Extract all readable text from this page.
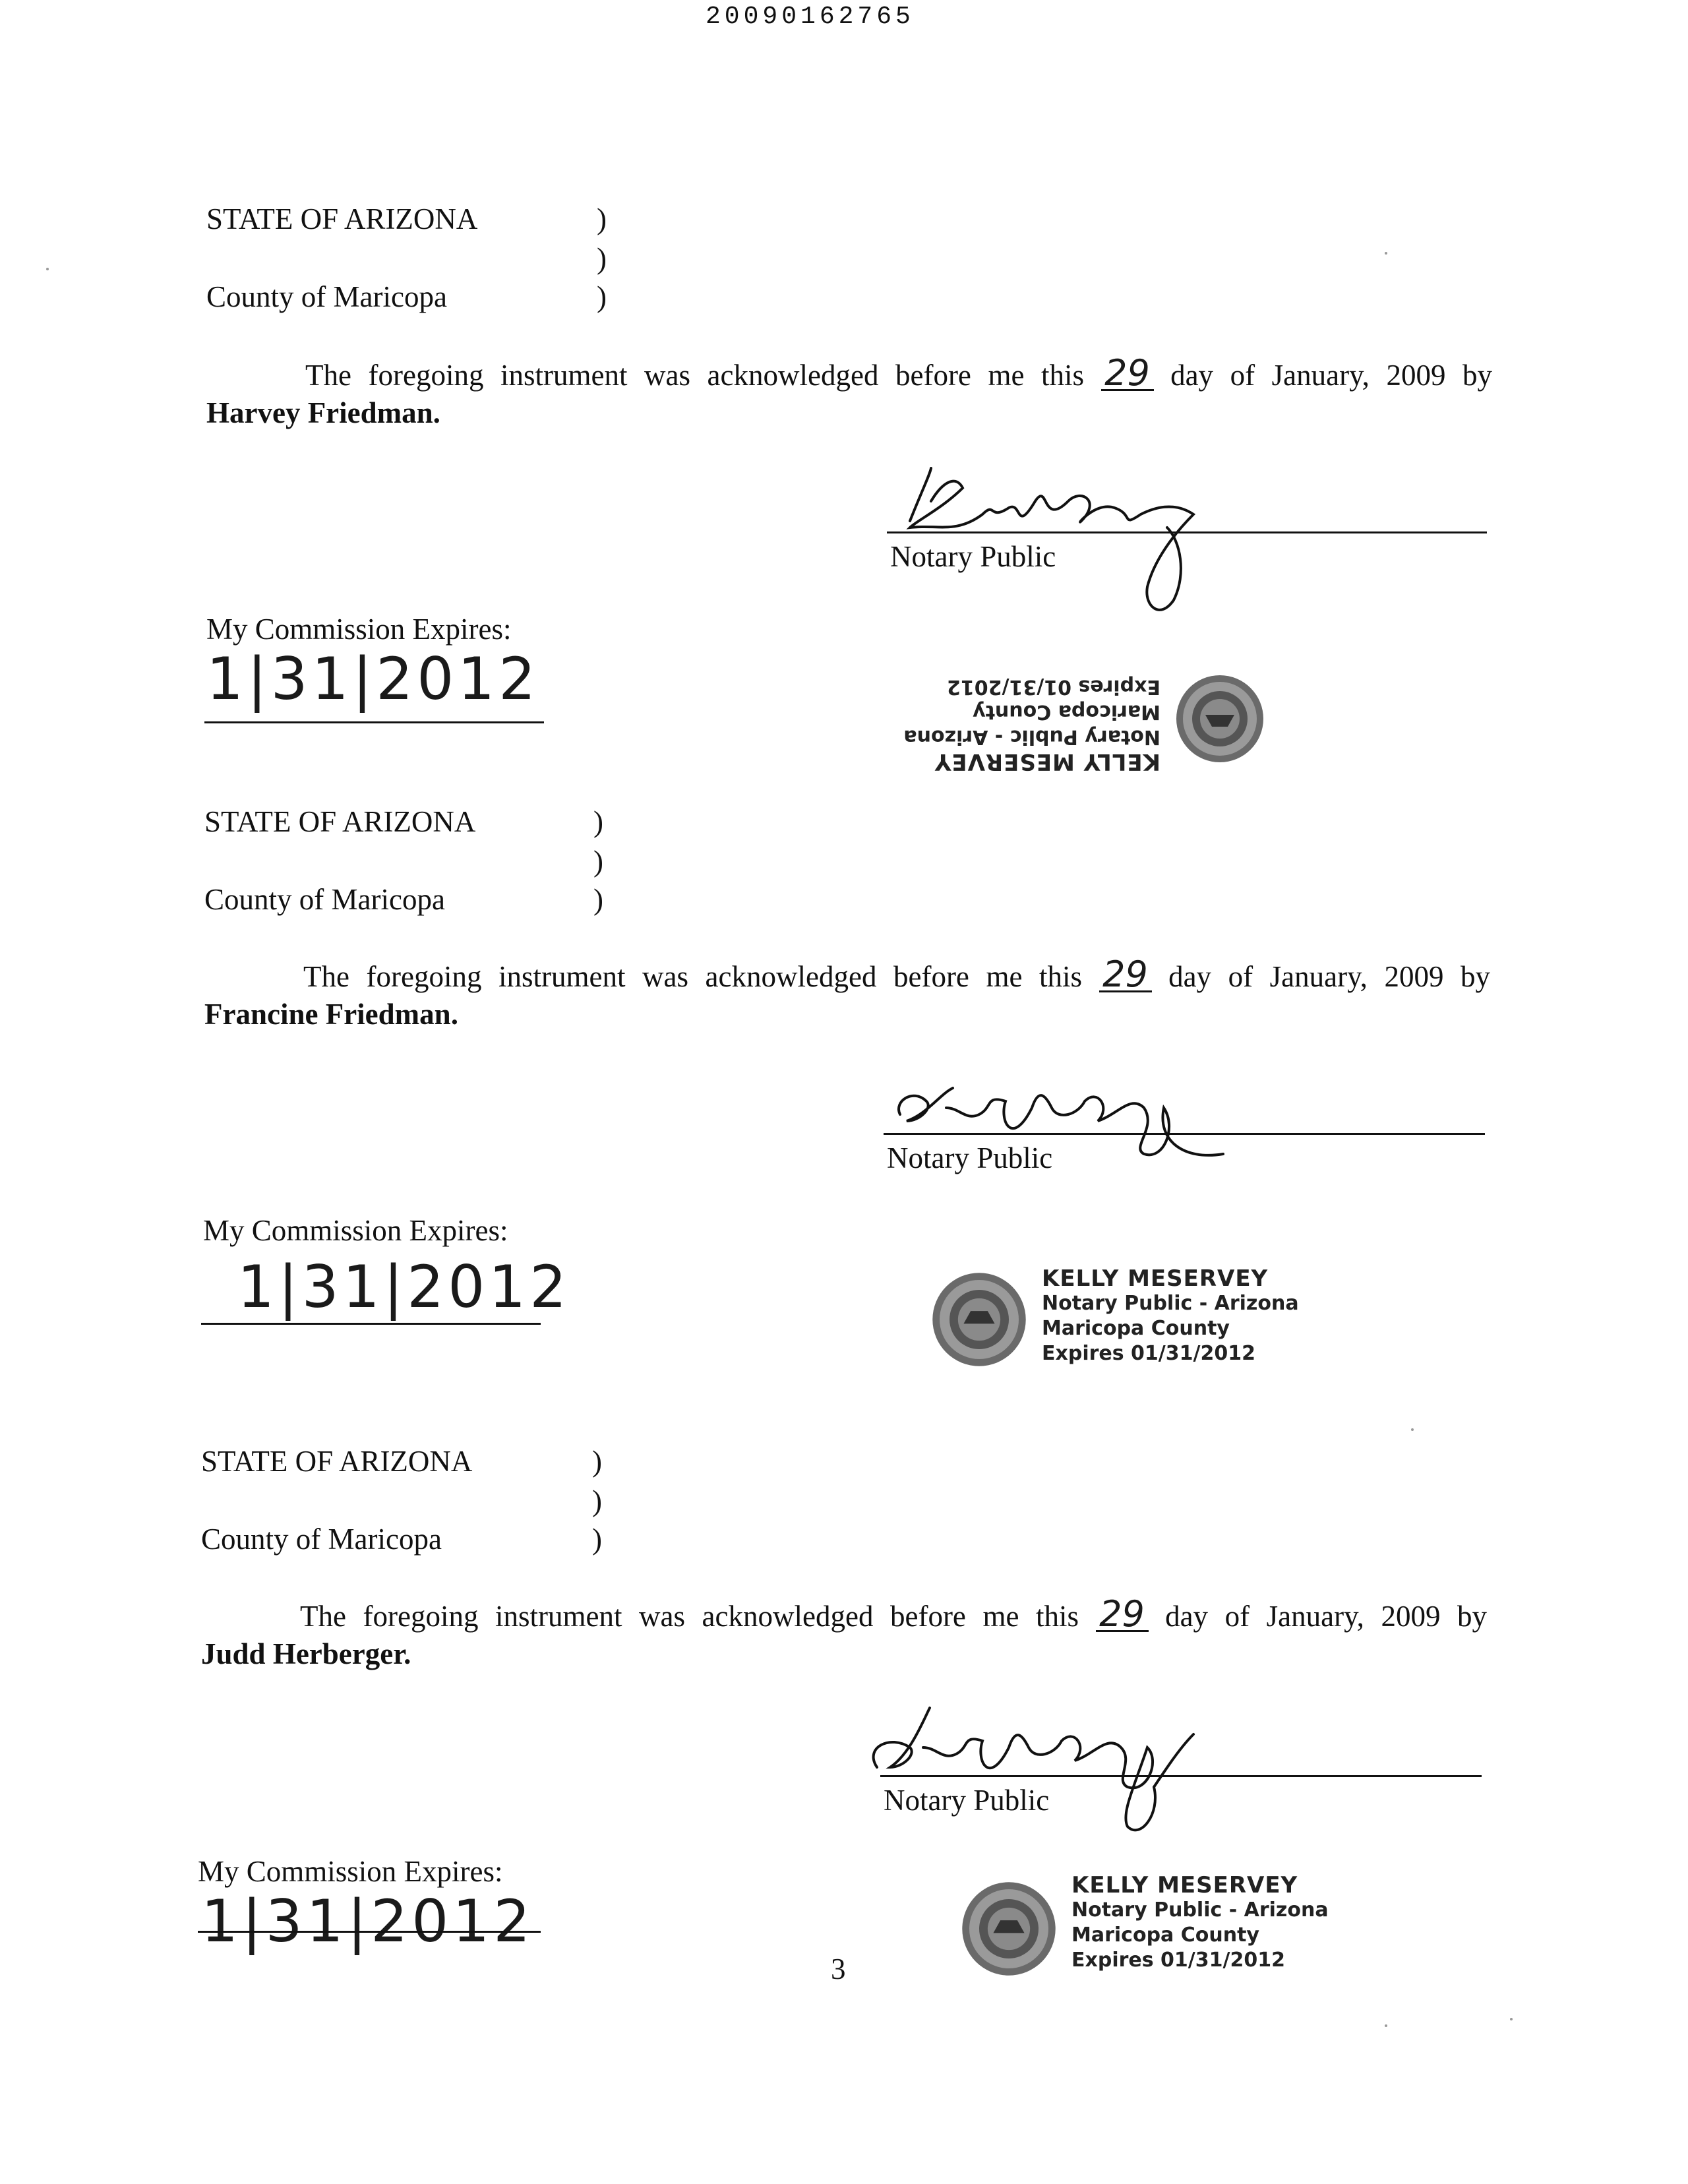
20090162765
STATE OF ARIZONA	)
)
County of Maricopa	)
The foregoing instrument was acknowledged before me this 29 day of January, 2009 by
Harvey Friedman.
Notary Public
My Commission Expires:
1|31|2012
KELLY MESERVEY
Notary Public - Arizona
Maricopa County
Expires 01/31/2012
STATE OF ARIZONA	)
)
County of Maricopa	)
The foregoing instrument was acknowledged before me this 29 day of January, 2009 by
Francine Friedman.
Notary Public
My Commission Expires:
1|31|2012	KELLY MESERVEY
Notary Public - Arizona
Maricopa County
Expires 01/31/2012
STATE OF ARIZONA	)
)
County of Maricopa	)
The foregoing instrument was acknowledged before me this 29 day of January, 2009 by
Judd Herberger.
Notary Public
My Commission Expires:
1|31|2012
KELLY MESERVEY
Notary Public - Arizona
Maricopa County
Expires 01/31/2012
3
